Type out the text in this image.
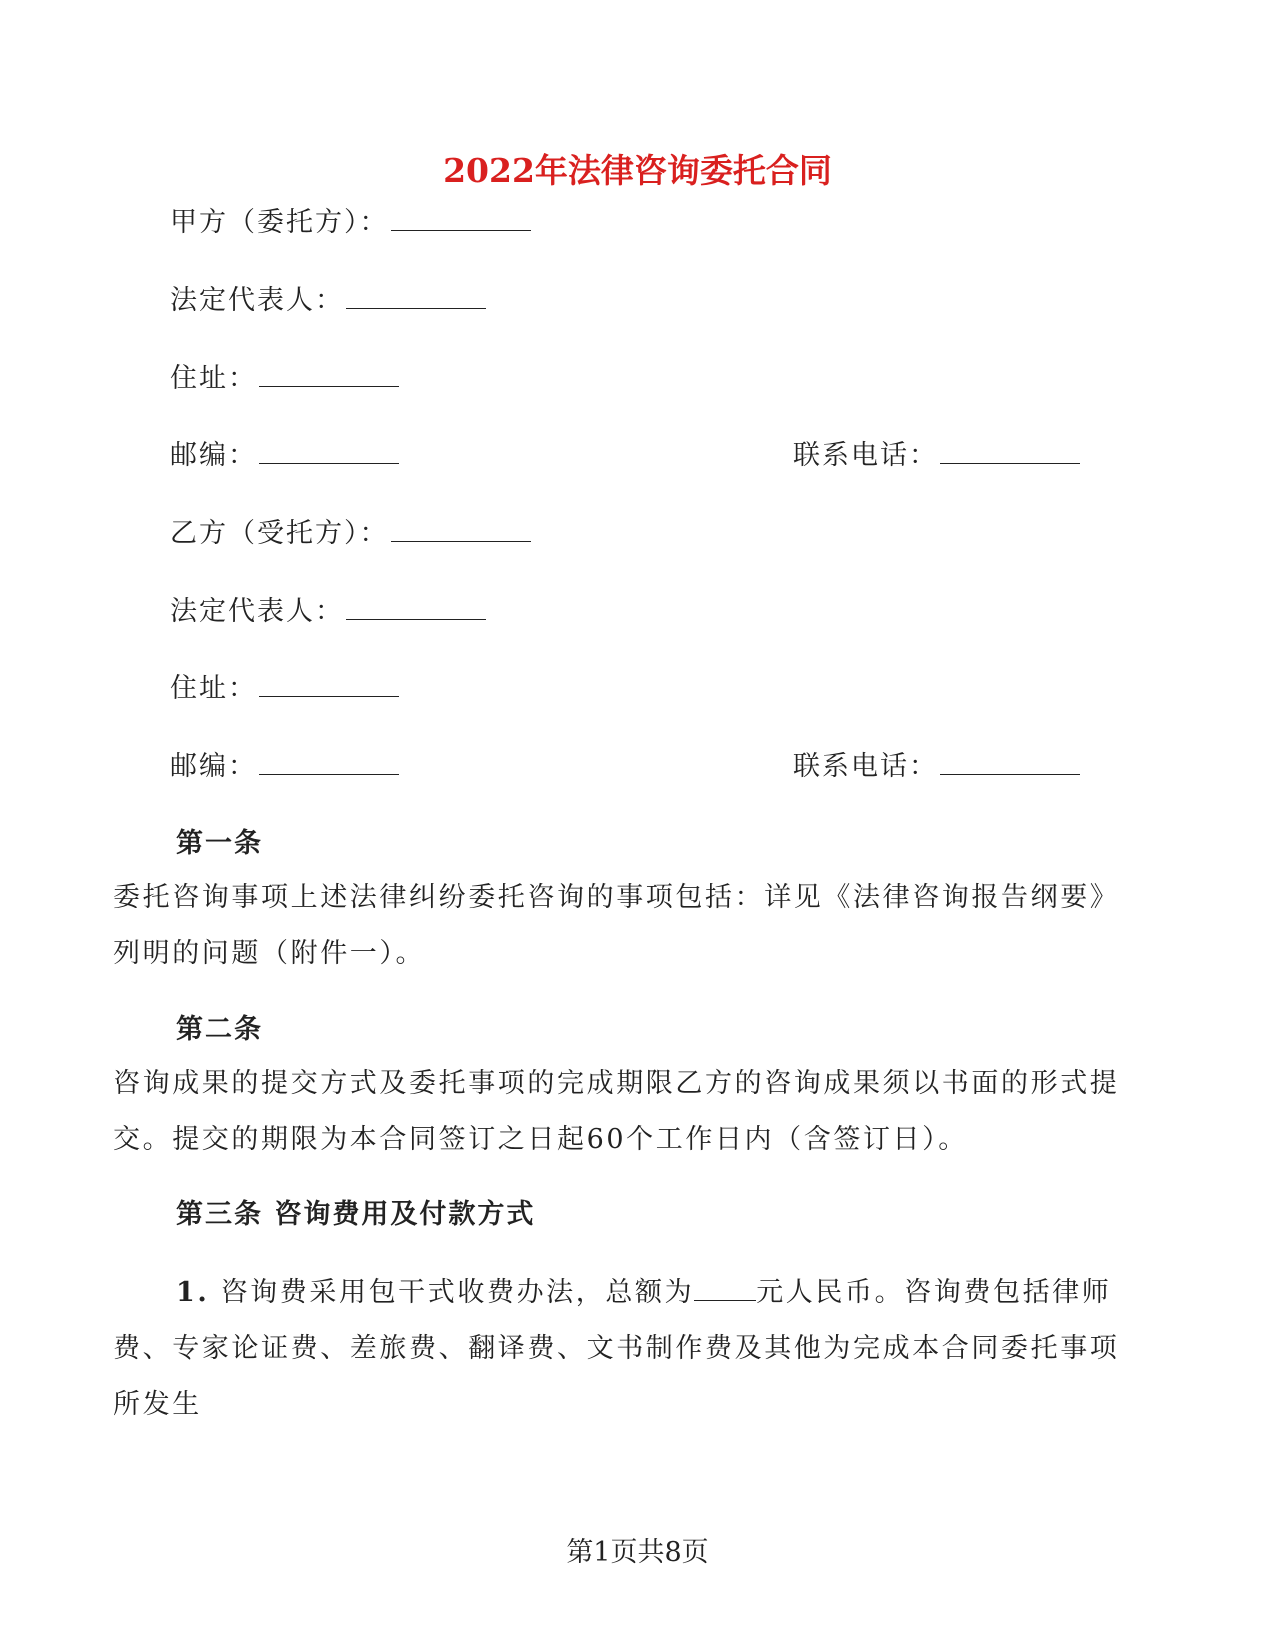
2022年法律咨询委托合同
甲方（委托方）：
法定代表人：
住址：
邮编：	联系电话：
乙方（受托方）：
法定代表人：
住址：
邮编：	联系电话：
第一条
委托咨询事项上述法律纠纷委托咨询的事项包括：详见《法律咨询报告纲要》列明的问题（附件一）。
第二条
咨询成果的提交方式及委托事项的完成期限乙方的咨询成果须以书面的形式提交。提交的期限为本合同签订之日起60个工作日内（含签订日）。
第三条 咨询费用及付款方式
1. 咨询费采用包干式收费办法，总额为 元人民币。咨询费包括律师费、专家论证费、差旅费、翻译费、文书制作费及其他为完成本合同委托事项所发生
第1页共8页
